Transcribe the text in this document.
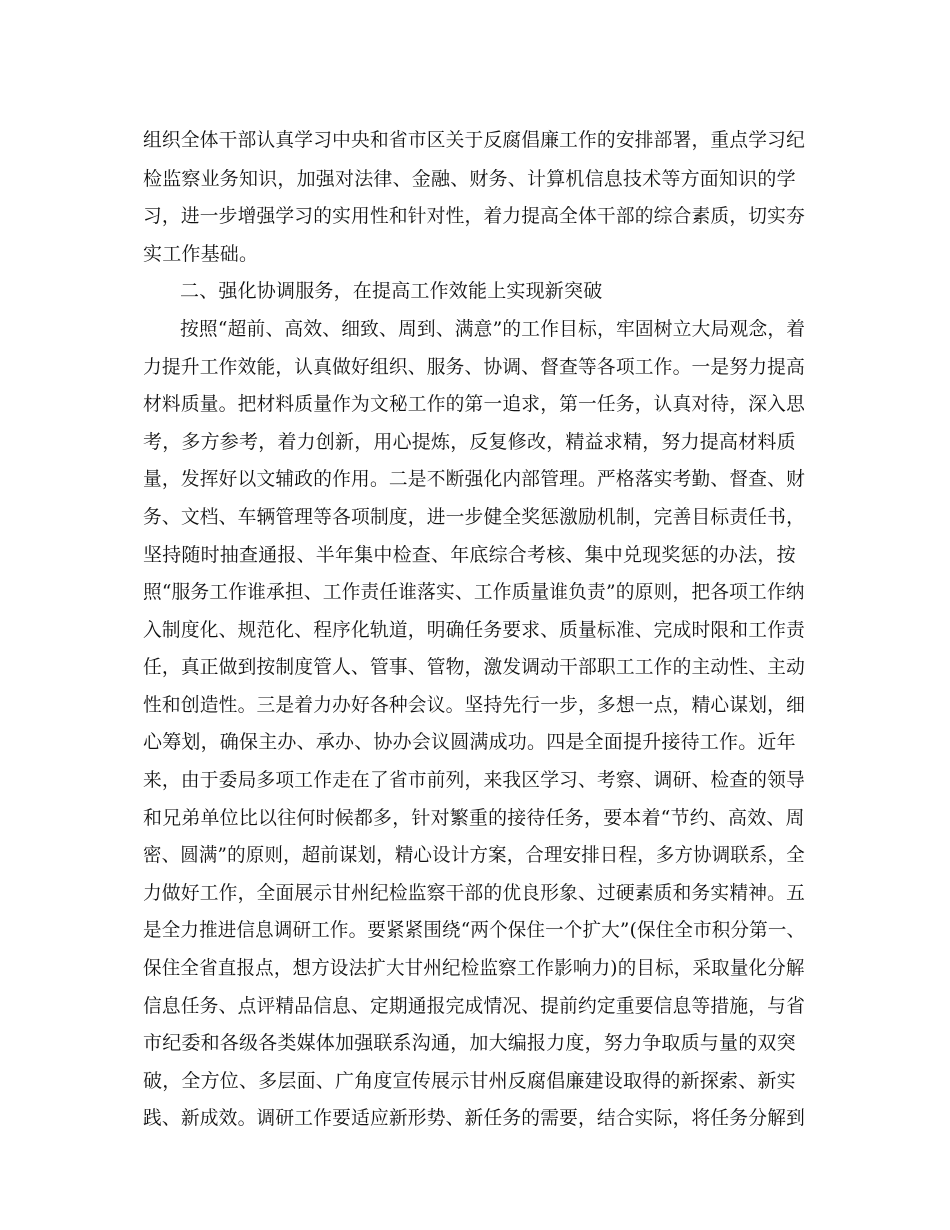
组织全体干部认真学习中央和省市区关于反腐倡廉工作的安排部署，重点学习纪
检监察业务知识，加强对法律、金融、财务、计算机信息技术等方面知识的学
习，进一步增强学习的实用性和针对性，着力提高全体干部的综合素质，切实夯
实工作基础。
二、强化协调服务，在提高工作效能上实现新突破
按照“超前、高效、细致、周到、满意”的工作目标，牢固树立大局观念，着
力提升工作效能，认真做好组织、服务、协调、督查等各项工作。一是努力提高
材料质量。把材料质量作为文秘工作的第一追求，第一任务，认真对待，深入思
考，多方参考，着力创新，用心提炼，反复修改，精益求精，努力提高材料质
量，发挥好以文辅政的作用。二是不断强化内部管理。严格落实考勤、督查、财
务、文档、车辆管理等各项制度，进一步健全奖惩激励机制，完善目标责任书，
坚持随时抽查通报、半年集中检查、年底综合考核、集中兑现奖惩的办法，按
照“服务工作谁承担、工作责任谁落实、工作质量谁负责”的原则，把各项工作纳
入制度化、规范化、程序化轨道，明确任务要求、质量标准、完成时限和工作责
任，真正做到按制度管人、管事、管物，激发调动干部职工工作的主动性、主动
性和创造性。三是着力办好各种会议。坚持先行一步，多想一点，精心谋划，细
心筹划，确保主办、承办、协办会议圆满成功。四是全面提升接待工作。近年
来，由于委局多项工作走在了省市前列，来我区学习、考察、调研、检查的领导
和兄弟单位比以往何时候都多，针对繁重的接待任务，要本着“节约、高效、周
密、圆满”的原则，超前谋划，精心设计方案，合理安排日程，多方协调联系，全
力做好工作，全面展示甘州纪检监察干部的优良形象、过硬素质和务实精神。五
是全力推进信息调研工作。要紧紧围绕“两个保住一个扩大”(保住全市积分第一、
保住全省直报点，想方设法扩大甘州纪检监察工作影响力)的目标，采取量化分解
信息任务、点评精品信息、定期通报完成情况、提前约定重要信息等措施，与省
市纪委和各级各类媒体加强联系沟通，加大编报力度，努力争取质与量的双突
破，全方位、多层面、广角度宣传展示甘州反腐倡廉建设取得的新探索、新实
践、新成效。调研工作要适应新形势、新任务的需要，结合实际，将任务分解到
